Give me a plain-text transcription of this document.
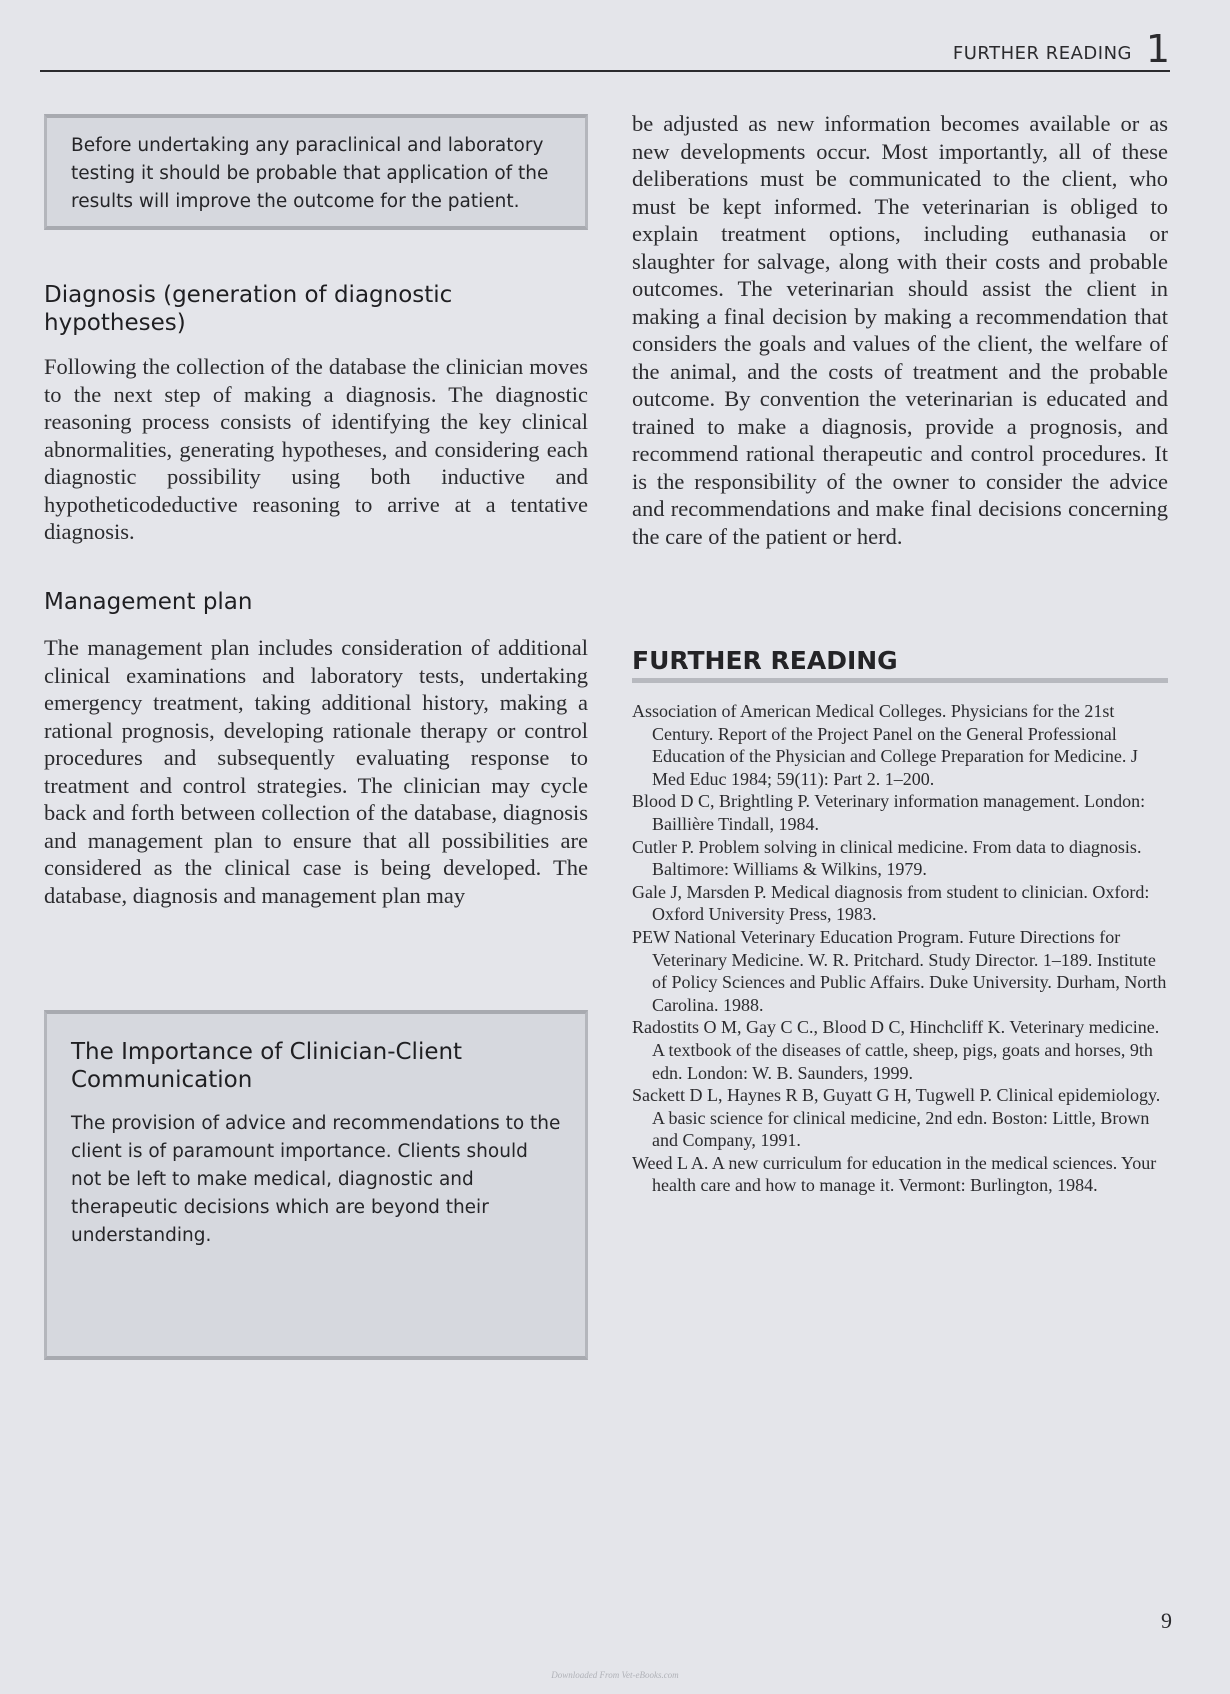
FURTHER READING 1

Before undertaking any paraclinical and laboratory testing it should be probable that application of the results will improve the outcome for the patient.

Diagnosis (generation of diagnostic hypotheses)

Following the collection of the database the clinician moves to the next step of making a diagnosis. The diagnostic reasoning process consists of identifying the key clinical abnormalities, generating hypotheses, and considering each diagnostic possibility using both inductive and hypotheticodeductive reasoning to arrive at a tentative diagnosis.

Management plan

The management plan includes consideration of additional clinical examinations and laboratory tests, undertaking emergency treatment, taking additional history, making a rational prognosis, developing rationale therapy or control procedures and subsequently evaluating response to treatment and control strategies. The clinician may cycle back and forth between collection of the database, diagnosis and management plan to ensure that all possibilities are considered as the clinical case is being developed. The database, diagnosis and management plan may

The Importance of Clinician-Client Communication

The provision of advice and recommendations to the client is of paramount importance. Clients should not be left to make medical, diagnostic and therapeutic decisions which are beyond their understanding.

be adjusted as new information becomes available or as new developments occur. Most importantly, all of these deliberations must be communicated to the client, who must be kept informed. The veterinarian is obliged to explain treatment options, including euthanasia or slaughter for salvage, along with their costs and probable outcomes. The veterinarian should assist the client in making a final decision by making a recommendation that considers the goals and values of the client, the welfare of the animal, and the costs of treatment and the probable outcome. By convention the veterinarian is educated and trained to make a diagnosis, provide a prognosis, and recommend rational therapeutic and control procedures. It is the responsibility of the owner to consider the advice and recommendations and make final decisions concerning the care of the patient or herd.

FURTHER READING
Association of American Medical Colleges. Physicians for the 21st Century. Report of the Project Panel on the General Professional Education of the Physician and College Preparation for Medicine. J Med Educ 1984; 59(11): Part 2. 1–200.
Blood D C, Brightling P. Veterinary information management. London: Baillière Tindall, 1984.
Cutler P. Problem solving in clinical medicine. From data to diagnosis. Baltimore: Williams & Wilkins, 1979.
Gale J, Marsden P. Medical diagnosis from student to clinician. Oxford: Oxford University Press, 1983.
PEW National Veterinary Education Program. Future Directions for Veterinary Medicine. W. R. Pritchard. Study Director. 1–189. Institute of Policy Sciences and Public Affairs. Duke University. Durham, North Carolina. 1988.
Radostits O M, Gay C C., Blood D C, Hinchcliff K. Veterinary medicine. A textbook of the diseases of cattle, sheep, pigs, goats and horses, 9th edn. London: W. B. Saunders, 1999.
Sackett D L, Haynes R B, Guyatt G H, Tugwell P. Clinical epidemiology. A basic science for clinical medicine, 2nd edn. Boston: Little, Brown and Company, 1991.
Weed L A. A new curriculum for education in the medical sciences. Your health care and how to manage it. Vermont: Burlington, 1984.
9
Downloaded From Vet-eBooks.com
